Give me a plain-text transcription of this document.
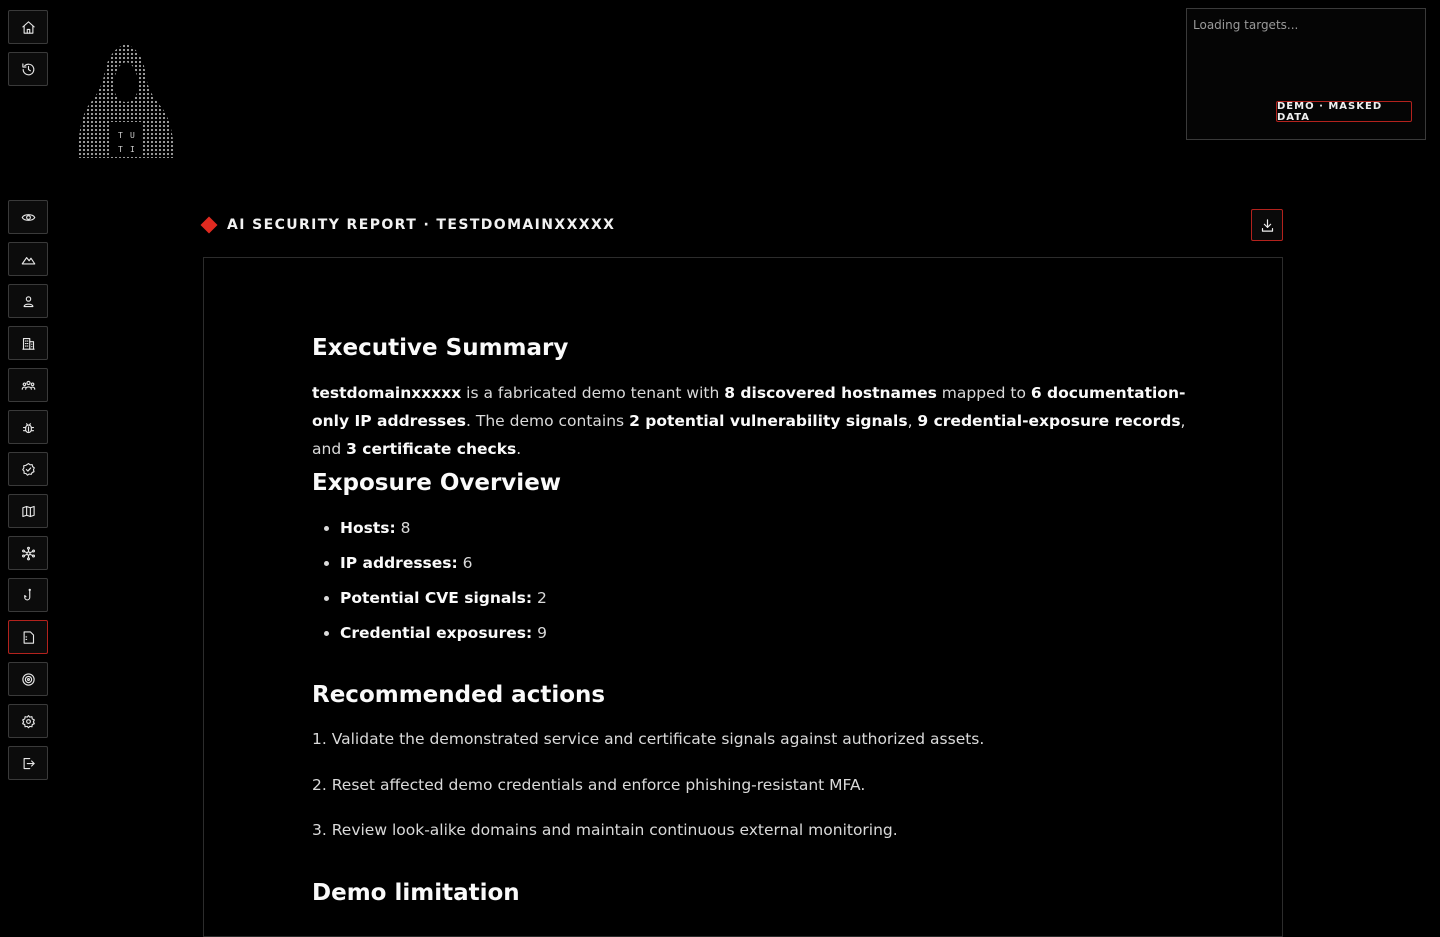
T U
T I
Loading targets...
DEMO · MASKED DATA
AI SECURITY REPORT · TESTDOMAINXXXXX
Executive Summary
testdomainxxxxx is a fabricated demo tenant with 8 discovered hostnames mapped to 6 documentation-only IP addresses. The demo contains 2 potential vulnerability signals, 9 credential-exposure records, and 3 certificate checks.
Exposure Overview
• Hosts: 8
• IP addresses: 6
• Potential CVE signals: 2
• Credential exposures: 9
Recommended actions
1. Validate the demonstrated service and certificate signals against authorized assets.
2. Reset affected demo credentials and enforce phishing-resistant MFA.
3. Review look-alike domains and maintain continuous external monitoring.
Demo limitation
